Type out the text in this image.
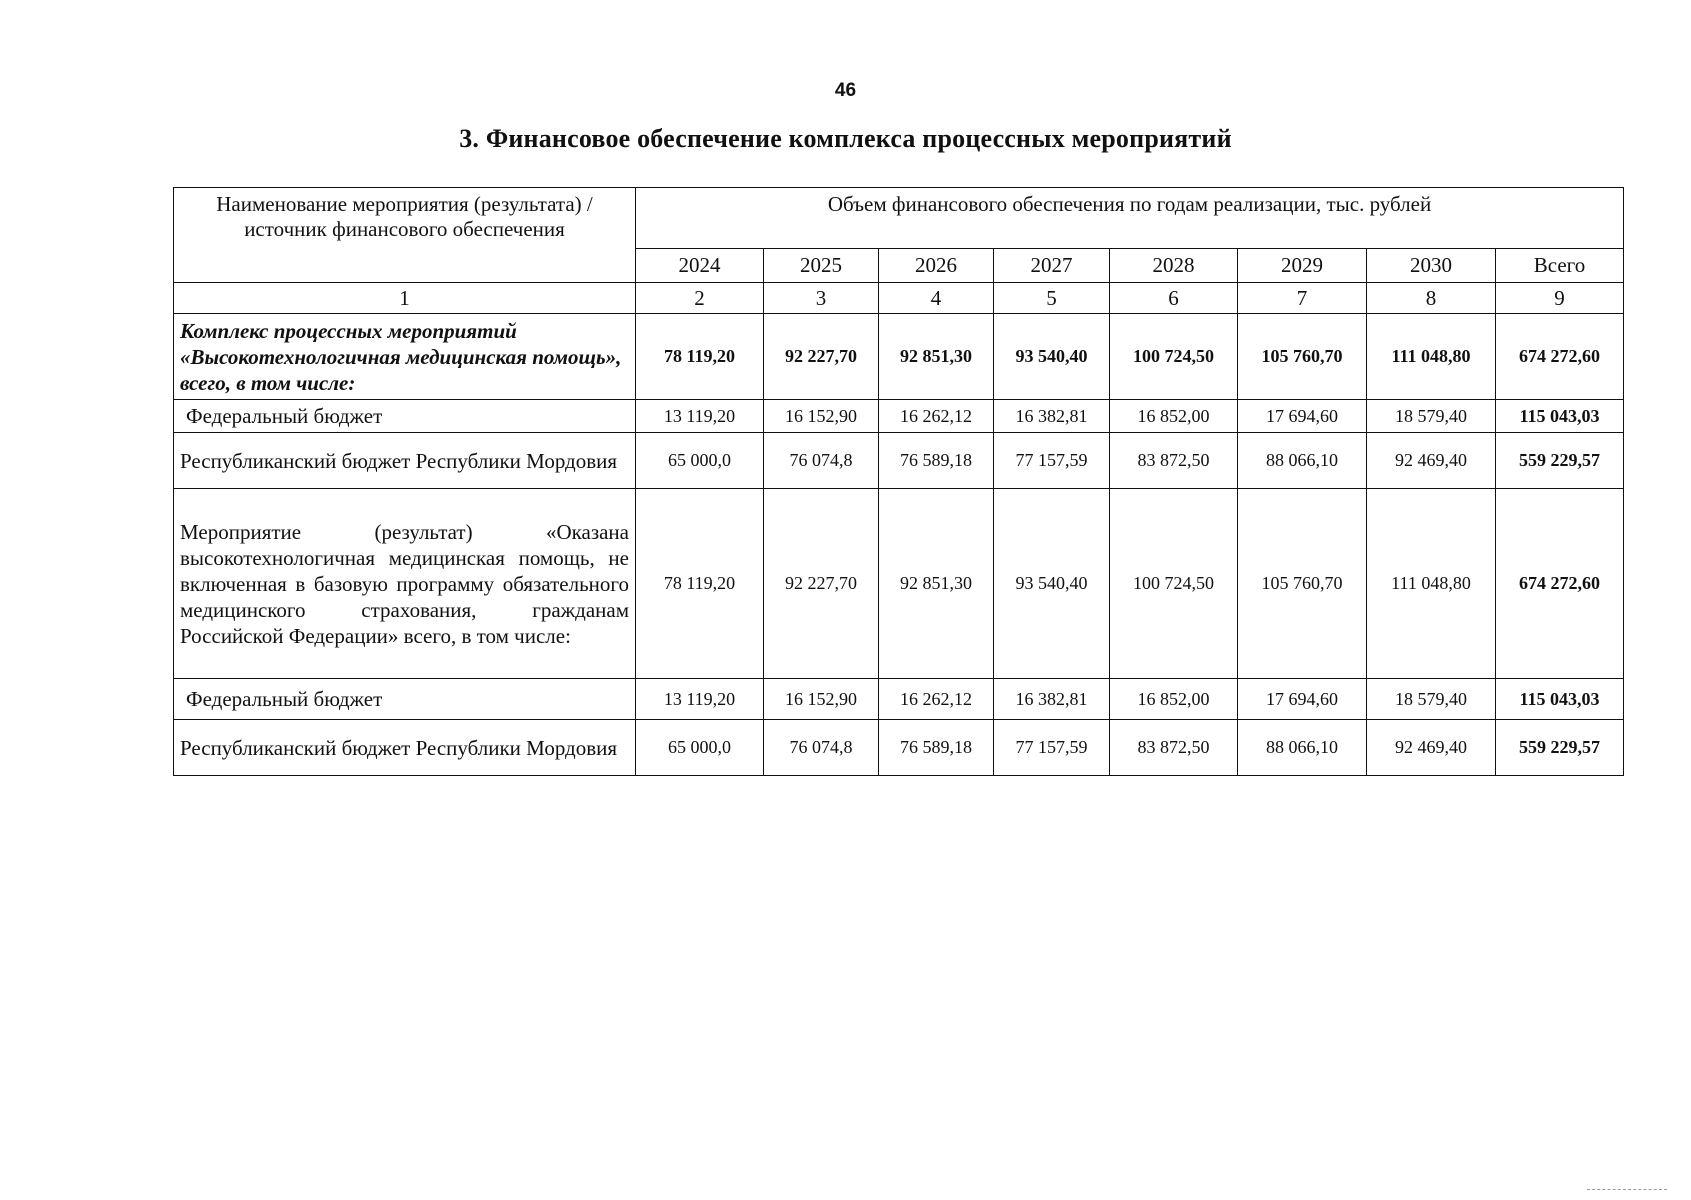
46
3. Финансовое обеспечение комплекса процессных мероприятий
Наименование мероприятия (результата) / источник финансового обеспечения	Объем финансового обеспечения по годам реализации, тыс. рублей							
	2024	2025	2026	2027	2028	2029	2030	Всего
1	2	3	4	5	6	7	8	9
Комплекс процессных мероприятий «Высокотехнологичная медицинская помощь», всего, в том числе:	78 119,20	92 227,70	92 851,30	93 540,40	100 724,50	105 760,70	111 048,80	674 272,60
Федеральный бюджет	13 119,20	16 152,90	16 262,12	16 382,81	16 852,00	17 694,60	18 579,40	115 043,03
Республиканский бюджет Республики Мордовия	65 000,0	76 074,8	76 589,18	77 157,59	83 872,50	88 066,10	92 469,40	559 229,57
Мероприятие (результат) «Оказана высокотехнологичная медицинская помощь, не включенная в базовую программу обязательного медицинского страхования, гражданам Российской Федерации» всего, в том числе:	78 119,20	92 227,70	92 851,30	93 540,40	100 724,50	105 760,70	111 048,80	674 272,60
Федеральный бюджет	13 119,20	16 152,90	16 262,12	16 382,81	16 852,00	17 694,60	18 579,40	115 043,03
Республиканский бюджет Республики Мордовия	65 000,0	76 074,8	76 589,18	77 157,59	83 872,50	88 066,10	92 469,40	559 229,57
